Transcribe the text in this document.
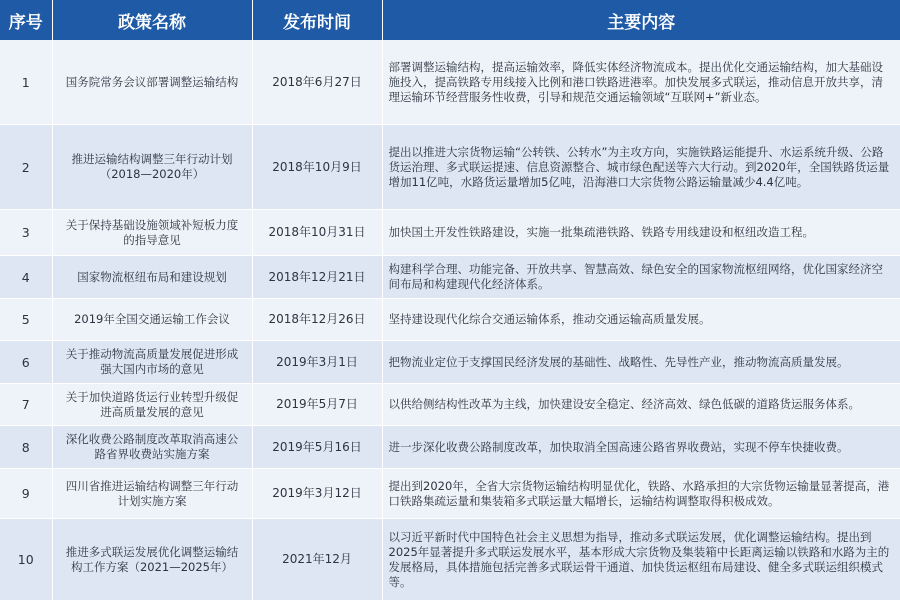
序号	政策名称	发布时间	主要内容
1	国务院常务会议部署调整运输结构	2018年6月27日	部署调整运输结构，提高运输效率，降低实体经济物流成本。提出优化交通运输结构，加大基础设施投入，提高铁路专用线接入比例和港口铁路进港率。加快发展多式联运，推动信息开放共享，清理运输环节经营服务性收费，引导和规范交通运输领域“互联网+”新业态。
2	推进运输结构调整三年行动计划（2018—2020年）	2018年10月9日	提出以推进大宗货物运输“公转铁、公转水”为主攻方向，实施铁路运能提升、水运系统升级、公路货运治理、多式联运提速、信息资源整合、城市绿色配送等六大行动。到2020年，全国铁路货运量增加11亿吨，水路货运量增加5亿吨，沿海港口大宗货物公路运输量减少4.4亿吨。
3	关于保持基础设施领域补短板力度的指导意见	2018年10月31日	加快国土开发性铁路建设，实施一批集疏港铁路、铁路专用线建设和枢纽改造工程。
4	国家物流枢纽布局和建设规划	2018年12月21日	构建科学合理、功能完备、开放共享、智慧高效、绿色安全的国家物流枢纽网络，优化国家经济空间布局和构建现代化经济体系。
5	2019年全国交通运输工作会议	2018年12月26日	坚持建设现代化综合交通运输体系，推动交通运输高质量发展。
6	关于推动物流高质量发展促进形成强大国内市场的意见	2019年3月1日	把物流业定位于支撑国民经济发展的基础性、战略性、先导性产业，推动物流高质量发展。
7	关于加快道路货运行业转型升级促进高质量发展的意见	2019年5月7日	以供给侧结构性改革为主线，加快建设安全稳定、经济高效、绿色低碳的道路货运服务体系。
8	深化收费公路制度改革取消高速公路省界收费站实施方案	2019年5月16日	进一步深化收费公路制度改革，加快取消全国高速公路省界收费站，实现不停车快捷收费。
9	四川省推进运输结构调整三年行动计划实施方案	2019年3月12日	提出到2020年，全省大宗货物运输结构明显优化，铁路、水路承担的大宗货物运输量显著提高，港口铁路集疏运量和集装箱多式联运量大幅增长，运输结构调整取得积极成效。
10	推进多式联运发展优化调整运输结构工作方案（2021—2025年）	2021年12月	以习近平新时代中国特色社会主义思想为指导，推动多式联运发展，优化调整运输结构。提出到2025年显著提升多式联运发展水平，基本形成大宗货物及集装箱中长距离运输以铁路和水路为主的发展格局，具体措施包括完善多式联运骨干通道、加快货运枢纽布局建设、健全多式联运组织模式等。
